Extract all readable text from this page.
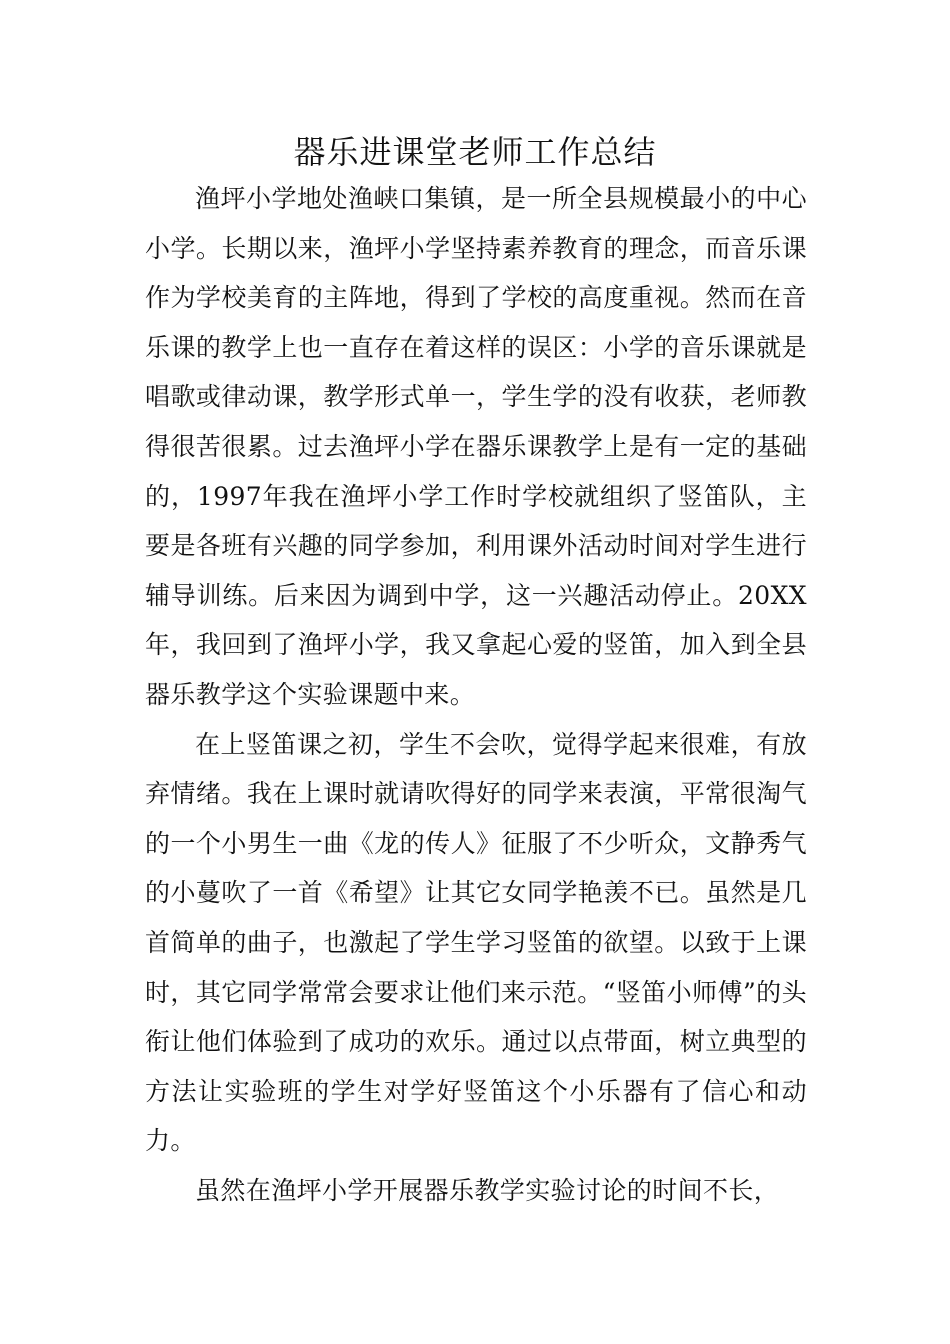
器乐进课堂老师工作总结

渔坪小学地处渔峡口集镇，是一所全县规模最小的中心小学。长期以来，渔坪小学坚持素养教育的理念，而音乐课作为学校美育的主阵地，得到了学校的高度重视。然而在音乐课的教学上也一直存在着这样的误区：小学的音乐课就是唱歌或律动课，教学形式单一，学生学的没有收获，老师教得很苦很累。过去渔坪小学在器乐课教学上是有一定的基础的，1997年我在渔坪小学工作时学校就组织了竖笛队，主要是各班有兴趣的同学参加，利用课外活动时间对学生进行辅导训练。后来因为调到中学，这一兴趣活动停止。20XX年，我回到了渔坪小学，我又拿起心爱的竖笛，加入到全县器乐教学这个实验课题中来。

在上竖笛课之初，学生不会吹，觉得学起来很难，有放弃情绪。我在上课时就请吹得好的同学来表演，平常很淘气的一个小男生一曲《龙的传人》征服了不少听众，文静秀气的小蔓吹了一首《希望》让其它女同学艳羡不已。虽然是几首简单的曲子，也激起了学生学习竖笛的欲望。以致于上课时，其它同学常常会要求让他们来示范。“竖笛小师傅”的头衔让他们体验到了成功的欢乐。通过以点带面，树立典型的方法让实验班的学生对学好竖笛这个小乐器有了信心和动力。

虽然在渔坪小学开展器乐教学实验讨论的时间不长，
